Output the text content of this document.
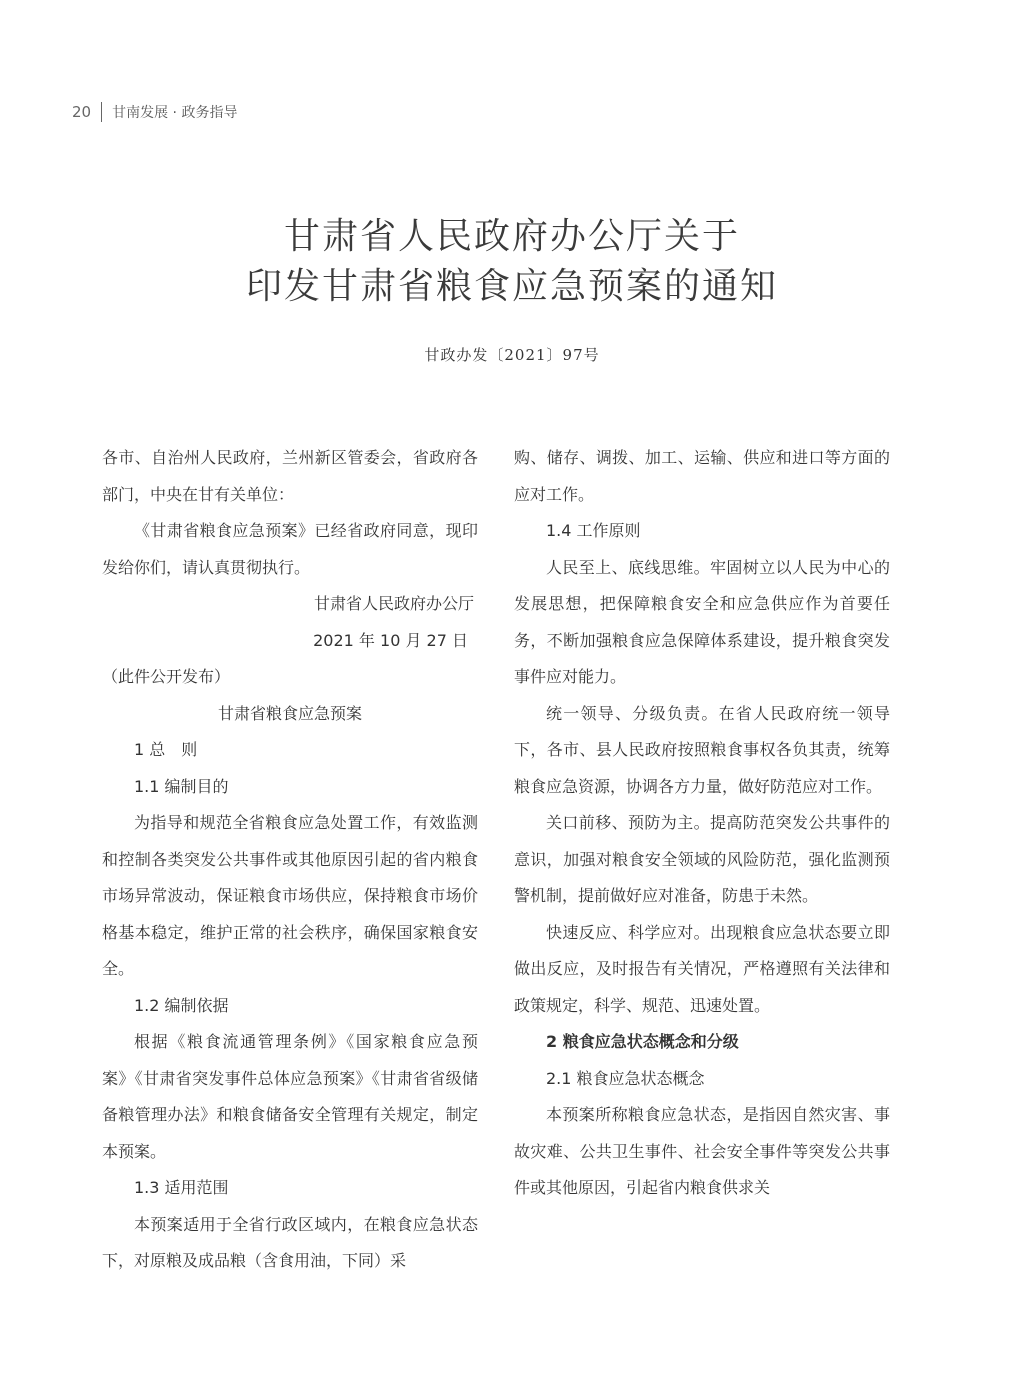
20 甘南发展 · 政务指导
甘肃省人民政府办公厅关于
印发甘肃省粮食应急预案的通知
甘政办发〔2021〕97号

各市、自治州人民政府，兰州新区管委会，省政府各部门，中央在甘有关单位：

《甘肃省粮食应急预案》已经省政府同意，现印发给你们，请认真贯彻执行。

甘肃省人民政府办公厅

2021 年 10 月 27 日

（此件公开发布）

甘肃省粮食应急预案

1 总　则

1.1 编制目的

为指导和规范全省粮食应急处置工作，有效监测和控制各类突发公共事件或其他原因引起的省内粮食市场异常波动，保证粮食市场供应，保持粮食市场价格基本稳定，维护正常的社会秩序，确保国家粮食安全。

1.2 编制依据

根据《粮食流通管理条例》《国家粮食应急预案》《甘肃省突发事件总体应急预案》《甘肃省省级储备粮管理办法》和粮食储备安全管理有关规定，制定本预案。

1.3 适用范围

本预案适用于全省行政区域内，在粮食应急状态下，对原粮及成品粮（含食用油，下同）采

购、储存、调拨、加工、运输、供应和进口等方面的应对工作。

1.4 工作原则

人民至上、底线思维。牢固树立以人民为中心的发展思想，把保障粮食安全和应急供应作为首要任务，不断加强粮食应急保障体系建设，提升粮食突发事件应对能力。

统一领导、分级负责。在省人民政府统一领导下，各市、县人民政府按照粮食事权各负其责，统筹粮食应急资源，协调各方力量，做好防范应对工作。

关口前移、预防为主。提高防范突发公共事件的意识，加强对粮食安全领域的风险防范，强化监测预警机制，提前做好应对准备，防患于未然。

快速反应、科学应对。出现粮食应急状态要立即做出反应，及时报告有关情况，严格遵照有关法律和政策规定，科学、规范、迅速处置。

2 粮食应急状态概念和分级

2.1 粮食应急状态概念

本预案所称粮食应急状态，是指因自然灾害、事故灾难、公共卫生事件、社会安全事件等突发公共事件或其他原因，引起省内粮食供求关
